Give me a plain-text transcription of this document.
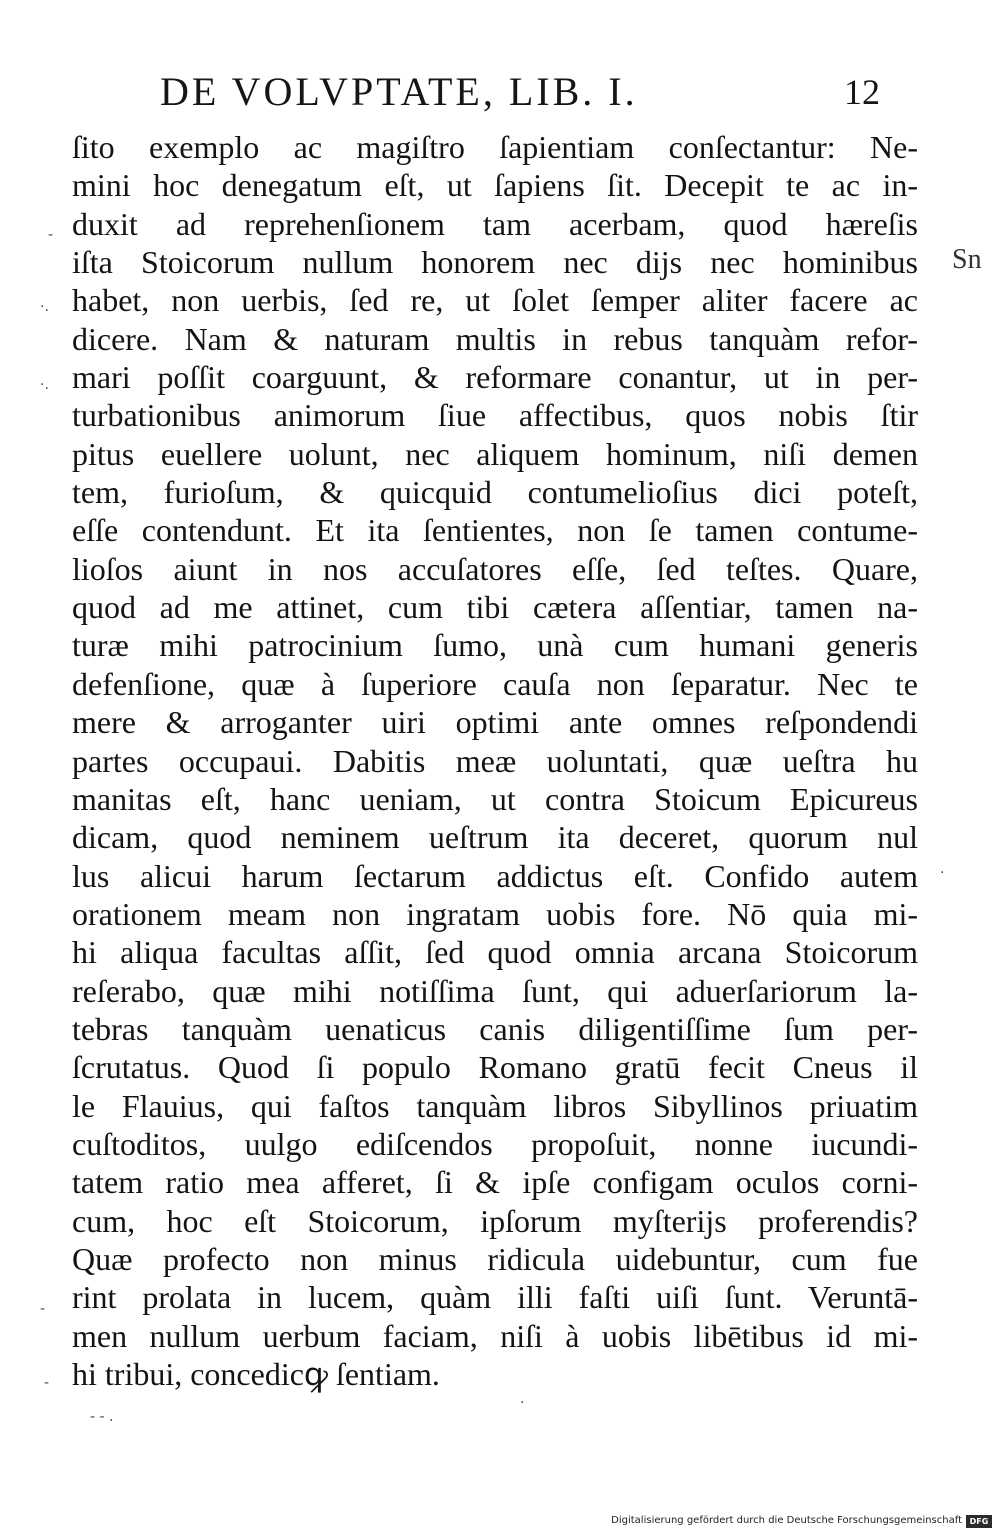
DE VOLVPTATE, LIB. I.	12
ſito exemplo ac magiſtro ſapientiam conſectantur: Ne-
mini hoc denegatum eſt, ut ſapiens ſit. Decepit te ac in-
duxit ad reprehenſionem tam acerbam, quod hæreſis
iſta Stoicorum nullum honorem nec dijs nec hominibus
habet, non uerbis, ſed re, ut ſolet ſemper aliter facere ac
dicere. Nam & naturam multis in rebus tanquàm refor-
mari poſſit coarguunt, & reformare conantur, ut in per-
turbationibus animorum ſiue affectibus, quos nobis ſtir
pitus euellere uolunt, nec aliquem hominum, niſi demen
tem, furioſum, & quicquid contumelioſius dici poteſt,
eſſe contendunt. Et ita ſentientes, non ſe tamen contume-
lioſos aiunt in nos accuſatores eſſe, ſed teſtes. Quare,
quod ad me attinet, cum tibi cætera aſſentiar, tamen na-
turæ mihi patrocinium ſumo, unà cum humani generis
defenſione, quæ à ſuperiore cauſa non ſeparatur. Nec te
mere & arroganter uiri optimi ante omnes reſpondendi
partes occupaui. Dabitis meæ uoluntati, quæ ueſtra hu
manitas eſt, hanc ueniam, ut contra Stoicum Epicureus
dicam, quod neminem ueſtrum ita deceret, quorum nul
lus alicui harum ſectarum addictus eſt. Confido autem
orationem meam non ingratam uobis fore. Nō quia mi-
hi aliqua facultas aſſit, ſed quod omnia arcana Stoicorum
reſerabo, quæ mihi notiſſima ſunt, qui aduerſariorum la-
tebras tanquàm uenaticus canis diligentiſſime ſum per-
ſcrutatus. Quod ſi populo Romano gratū fecit Cneus il
le Flauius, qui faſtos tanquàm libros Sibyllinos priuatim
cuſtoditos, uulgo ediſcendos propoſuit, nonne iucundi-
tatem ratio mea afferet, ſi & ipſe configam oculos corni-
cum, hoc eſt Stoicorum, ipſorum myſterijs proferendis?
Quæ profecto non minus ridicula uidebuntur, cum fue
rint prolata in lucem, quàm illi faſti uiſi ſunt. Veruntā-
men nullum uerbum faciam, niſi à uobis libētibus id mi-
hi tribui, concedicꝙ ſentiam.
Sn
-
·.
·.
-
-
- - .
.
.
Digitalisierung gefördert durch die Deutsche Forschungsgemeinschaft DFG
